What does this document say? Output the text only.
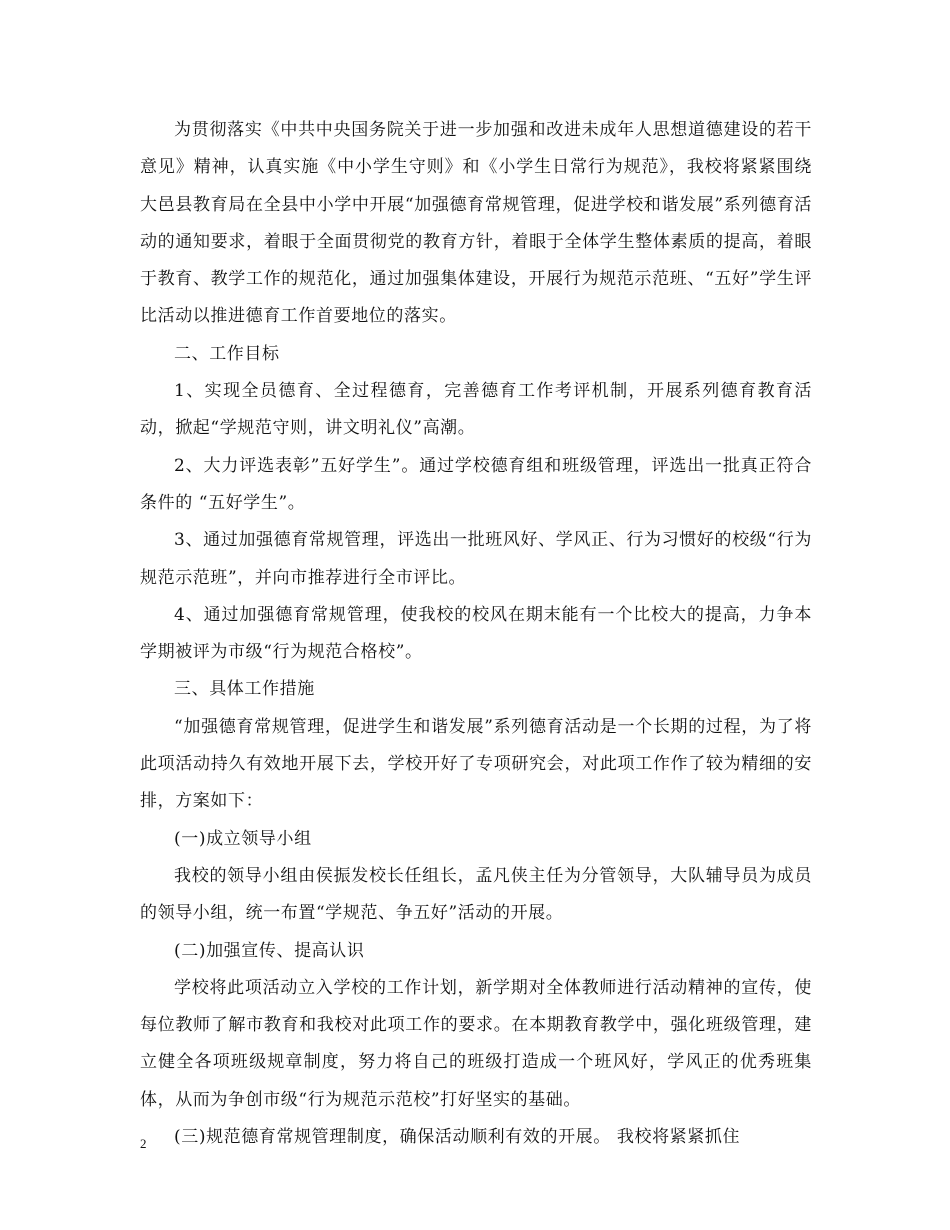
为贯彻落实《中共中央国务院关于进一步加强和改进未成年人思想道德建设的若干意见》精神，认真实施《中小学生守则》和《小学生日常行为规范》，我校将紧紧围绕大邑县教育局在全县中小学中开展“加强德育常规管理，促进学校和谐发展”系列德育活动的通知要求，着眼于全面贯彻党的教育方针，着眼于全体学生整体素质的提高，着眼于教育、教学工作的规范化，通过加强集体建设，开展行为规范示范班、“五好”学生评比活动以推进德育工作首要地位的落实。

二、工作目标

1、实现全员德育、全过程德育，完善德育工作考评机制，开展系列德育教育活动，掀起“学规范守则，讲文明礼仪”高潮。

2、大力评选表彰”五好学生”。通过学校德育组和班级管理，评选出一批真正符合条件的 “五好学生”。

3、通过加强德育常规管理，评选出一批班风好、学风正、行为习惯好的校级“行为规范示范班”，并向市推荐进行全市评比。

4、通过加强德育常规管理，使我校的校风在期末能有一个比校大的提高，力争本学期被评为市级“行为规范合格校”。

三、具体工作措施

“加强德育常规管理，促进学生和谐发展”系列德育活动是一个长期的过程，为了将此项活动持久有效地开展下去，学校开好了专项研究会，对此项工作作了较为精细的安排，方案如下：

(一)成立领导小组

我校的领导小组由侯振发校长任组长，孟凡侠主任为分管领导，大队辅导员为成员的领导小组，统一布置“学规范、争五好”活动的开展。

(二)加强宣传、提高认识

学校将此项活动立入学校的工作计划，新学期对全体教师进行活动精神的宣传，使每位教师了解市教育和我校对此项工作的要求。在本期教育教学中，强化班级管理，建立健全各项班级规章制度，努力将自己的班级打造成一个班风好，学风正的优秀班集体，从而为争创市级“行为规范示范校”打好坚实的基础。

(三)规范德育常规管理制度，确保活动顺利有效的开展。 我校将紧紧抓住

2
